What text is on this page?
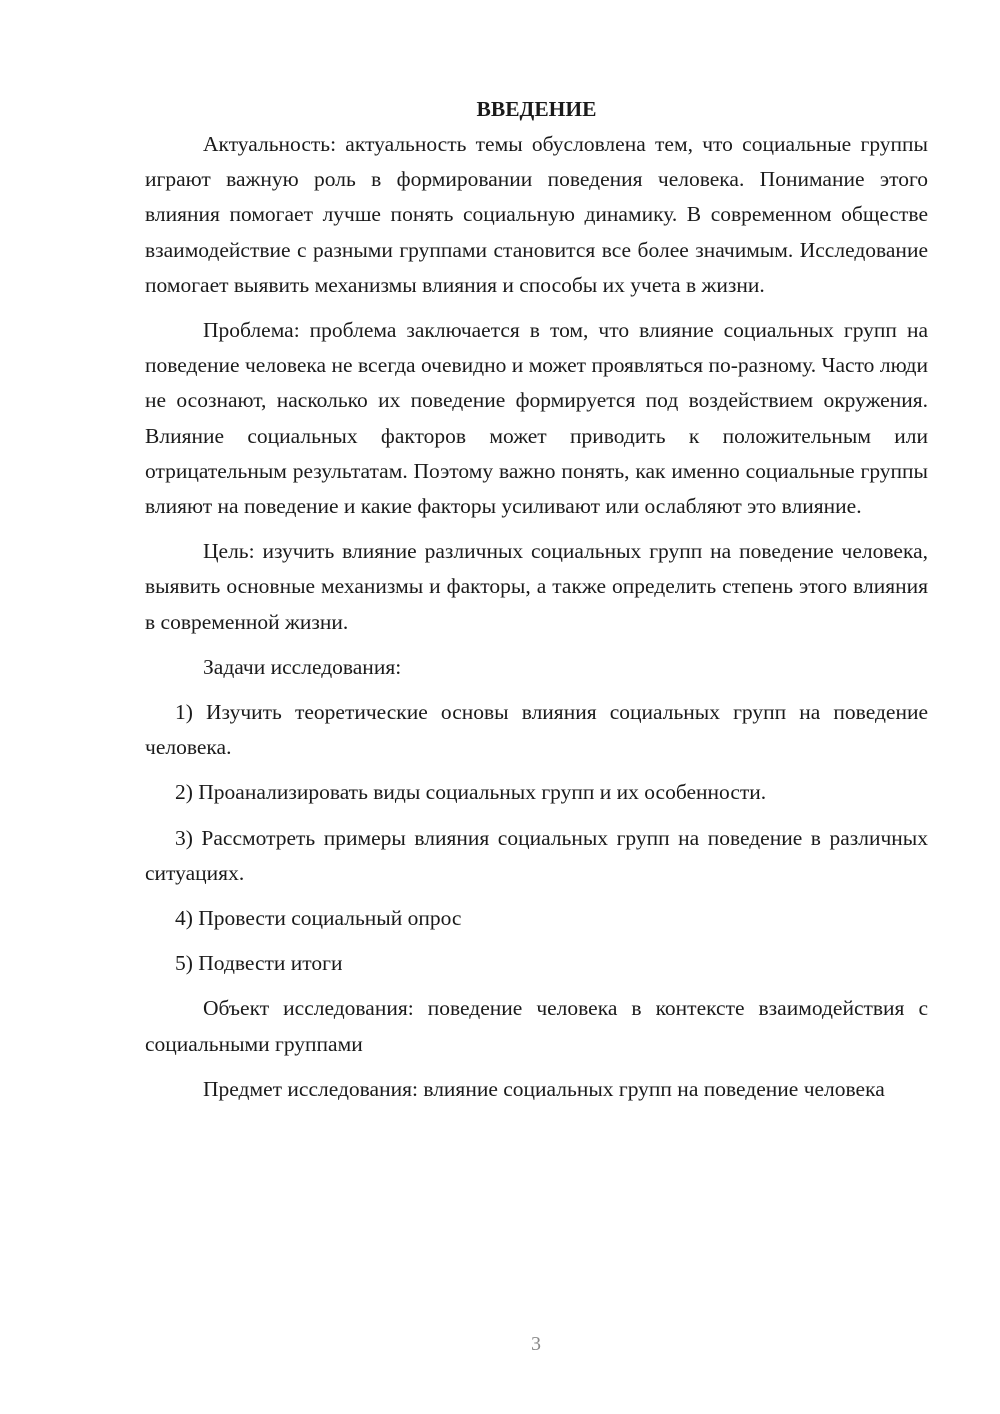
ВВЕДЕНИЕ

Актуальность: актуальность темы обусловлена тем, что социальные группы играют важную роль в формировании поведения человека. Понимание этого влияния помогает лучше понять социальную динамику. В современном обществе взаимодействие с разными группами становится все более значимым. Исследование помогает выявить механизмы влияния и способы их учета в жизни.

Проблема: проблема заключается в том, что влияние социальных групп на поведение человека не всегда очевидно и может проявляться по-разному. Часто люди не осознают, насколько их поведение формируется под воздействием окружения. Влияние социальных факторов может приводить к положительным или отрицательным результатам. Поэтому важно понять, как именно социальные группы влияют на поведение и какие факторы усиливают или ослабляют это влияние.

Цель: изучить влияние различных социальных групп на поведение человека, выявить основные механизмы и факторы, а также определить степень этого влияния в современной жизни.

Задачи исследования:

1) Изучить теоретические основы влияния социальных групп на поведение человека.

2) Проанализировать виды социальных групп и их особенности.

3) Рассмотреть примеры влияния социальных групп на поведение в различных ситуациях.

4) Провести социальный опрос

5) Подвести итоги

Объект исследования: поведение человека в контексте взаимодействия с социальными группами

Предмет исследования: влияние социальных групп на поведение человека

3
